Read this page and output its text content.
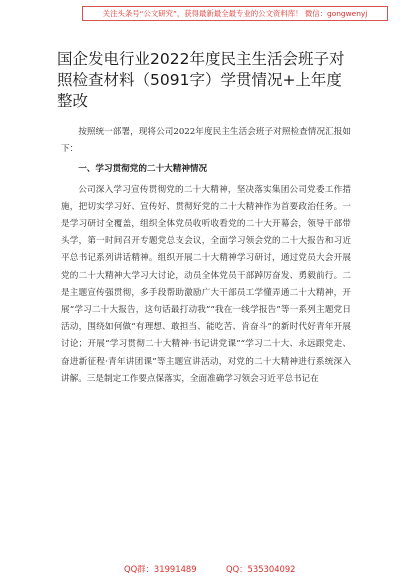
关注头条号“公文研究”，获得最新最全最专业的公文资料库！ 微信：gongwenyj
国企发电行业2022年度民主生活会班子对照检查材料（5091字）学贯情况+上年度整改

按照统一部署，现将公司2022年度民主生活会班子对照检查情况汇报如下：

一、学习贯彻党的二十大精神情况

公司深入学习宣传贯彻党的二十大精神，坚决落实集团公司党委工作措施，把切实学习好、宣传好、贯彻好党的二十大精神作为首要政治任务。一是学习研讨全覆盖，组织全体党员收听收看党的二十大开幕会，领导干部带头学，第一时间召开专题党总支会议，全面学习领会党的二十大报告和习近平总书记系列讲话精神。组织开展二十大精神学习研讨，通过党员大会开展党的二十大精神大学习大讨论，动员全体党员干部踔厉奋发、勇毅前行。二是主题宣传强贯彻，多手段帮助激励广大干部员工学懂弄通二十大精神，开展“学习二十大报告，这句话最打动我”“我在一线学报告”等一系列主题党日活动，围绕如何做“有理想、敢担当、能吃苦、肯奋斗”的新时代好青年开展讨论；开展“学习贯彻二十大精神·书记讲党课”“学习二十大、永远跟党走、奋进新征程·青年讲团课”等主题宣讲活动，对党的二十大精神进行系统深入讲解。三是制定工作要点保落实，全面准确学习领会习近平总书记在

QQ群：31991489	QQ：535304092
